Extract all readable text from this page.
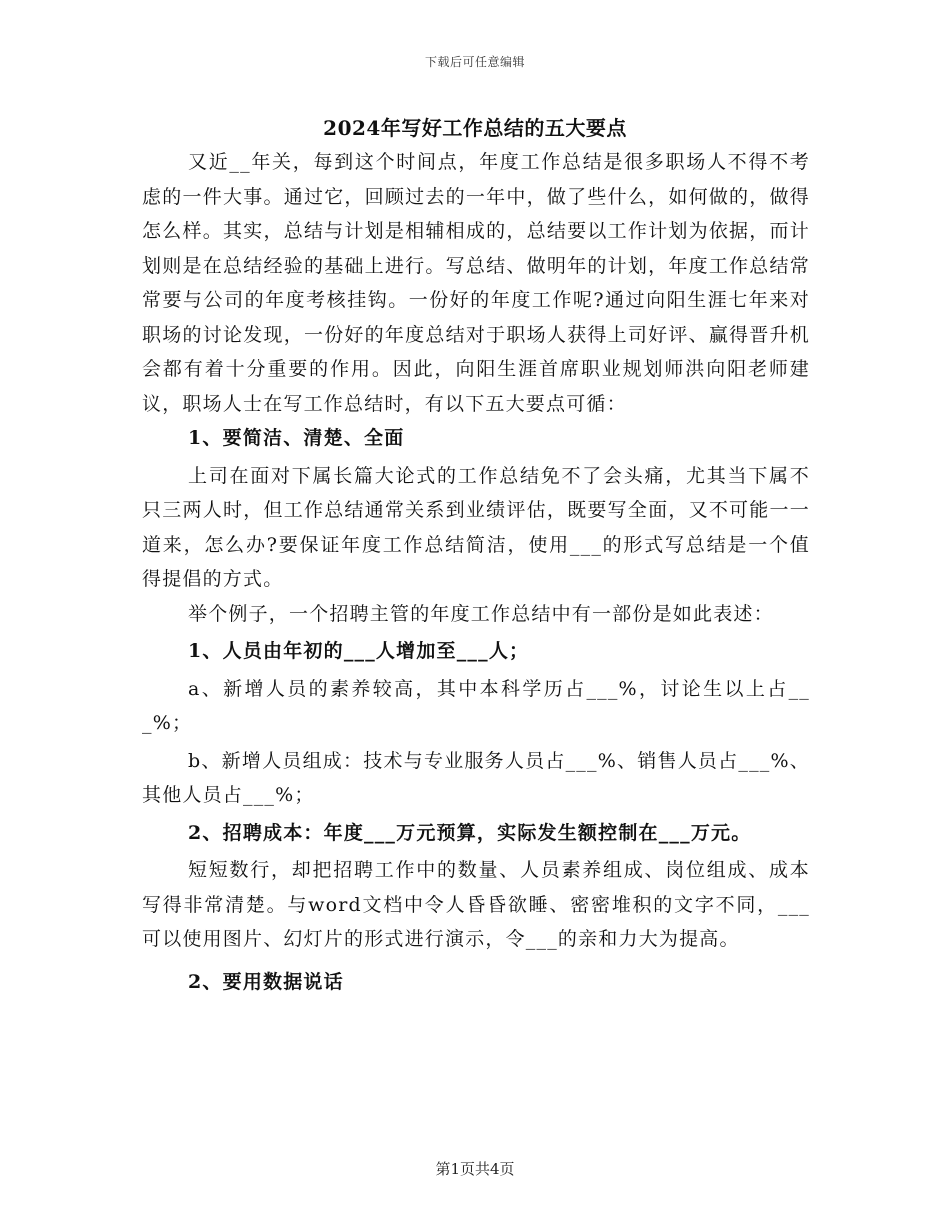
下载后可任意编辑
2024年写好工作总结的五大要点

又近__年关，每到这个时间点，年度工作总结是很多职场人不得不考虑的一件大事。通过它，回顾过去的一年中，做了些什么，如何做的，做得怎么样。其实，总结与计划是相辅相成的，总结要以工作计划为依据，而计划则是在总结经验的基础上进行。写总结、做明年的计划，年度工作总结常常要与公司的年度考核挂钩。一份好的年度工作呢?通过向阳生涯七年来对职场的讨论发现，一份好的年度总结对于职场人获得上司好评、赢得晋升机会都有着十分重要的作用。因此，向阳生涯首席职业规划师洪向阳老师建议，职场人士在写工作总结时，有以下五大要点可循：

1、要简洁、清楚、全面

上司在面对下属长篇大论式的工作总结免不了会头痛，尤其当下属不只三两人时，但工作总结通常关系到业绩评估，既要写全面，又不可能一一道来，怎么办?要保证年度工作总结简洁，使用___的形式写总结是一个值得提倡的方式。

举个例子，一个招聘主管的年度工作总结中有一部份是如此表述：

1、人员由年初的___人增加至___人；

a、新增人员的素养较高，其中本科学历占___%，讨论生以上占___%；

b、新增人员组成：技术与专业服务人员占___%、销售人员占___%、其他人员占___%；

2、招聘成本：年度___万元预算，实际发生额控制在___万元。

短短数行，却把招聘工作中的数量、人员素养组成、岗位组成、成本写得非常清楚。与word文档中令人昏昏欲睡、密密堆积的文字不同，___可以使用图片、幻灯片的形式进行演示，令___的亲和力大为提高。

2、要用数据说话

第1页共4页
